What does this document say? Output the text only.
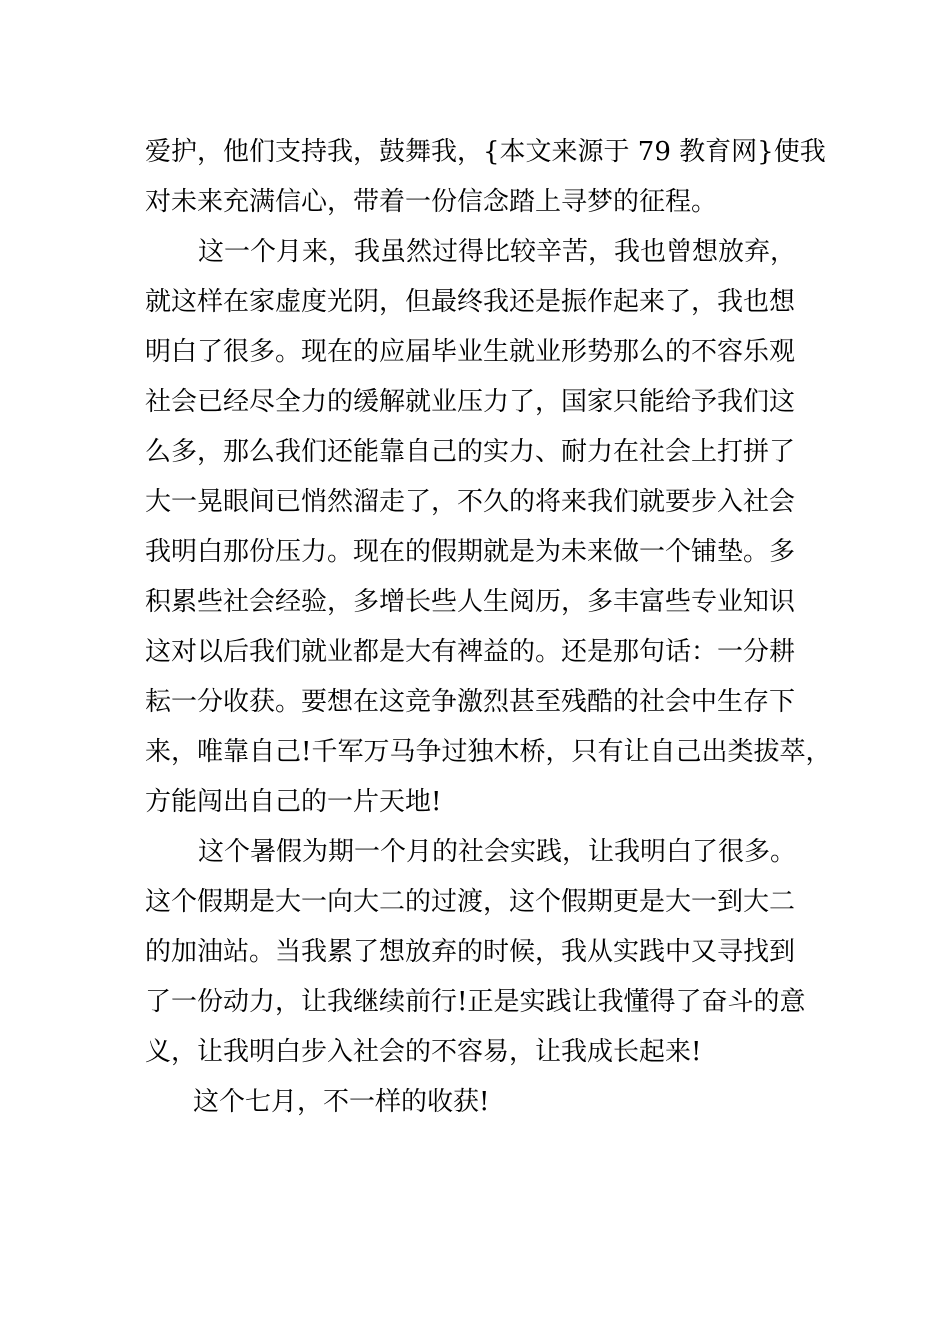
爱护，他们支持我，鼓舞我，{本文来源于 79 教育网}使我
对未来充满信心，带着一份信念踏上寻梦的征程。
这一个月来，我虽然过得比较辛苦，我也曾想放弃，
就这样在家虚度光阴，但最终我还是振作起来了，我也想
明白了很多。现在的应届毕业生就业形势那么的不容乐观
社会已经尽全力的缓解就业压力了，国家只能给予我们这
么多，那么我们还能靠自己的实力、耐力在社会上打拼了
大一晃眼间已悄然溜走了，不久的将来我们就要步入社会
我明白那份压力。现在的假期就是为未来做一个铺垫。多
积累些社会经验，多增长些人生阅历，多丰富些专业知识
这对以后我们就业都是大有裨益的。还是那句话：一分耕
耘一分收获。要想在这竞争激烈甚至残酷的社会中生存下
来，唯靠自己!千军万马争过独木桥，只有让自己出类拔萃，
方能闯出自己的一片天地!
这个暑假为期一个月的社会实践，让我明白了很多。
这个假期是大一向大二的过渡，这个假期更是大一到大二
的加油站。当我累了想放弃的时候，我从实践中又寻找到
了一份动力，让我继续前行!正是实践让我懂得了奋斗的意
义，让我明白步入社会的不容易，让我成长起来!
这个七月，不一样的收获!
